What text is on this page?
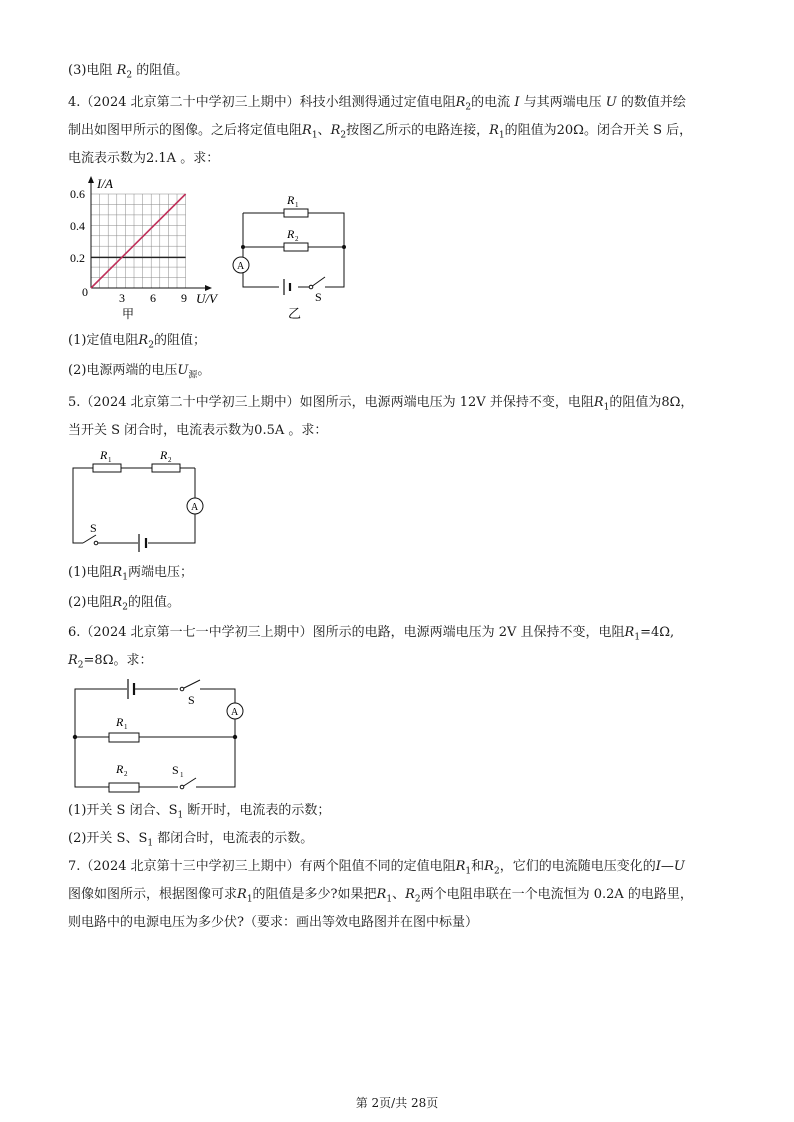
(3)电阻 $R_2$ 的阻值。
4.（2024 北京第二十中学初三上期中）科技小组测得通过定值电阻$R_2$的电流 I 与其两端电压 U 的数值并绘
制出如图甲所示的图像。之后将定值电阻$R_1$、$R_2$按图乙所示的电路连接，$R_1$的阻值为20Ω。闭合开关 S 后，
电流表示数为2.1A 。求：
I/A
U/V
0
0.6
0.4
0.2
3 6 9
甲
A
R 1
R 2
S
乙
(1)定值电阻$R_2$的阻值；
(2)电源两端的电压$U_源$。
5.（2024 北京第二十中学初三上期中）如图所示，电源两端电压为 12V 并保持不变，电阻$R_1$的阻值为8Ω，
当开关 S 闭合时，电流表示数为0.5A 。求：
A
R 1	R 2
S
(1)电阻$R_1$两端电压；
(2)电阻$R_2$的阻值。
6.（2024 北京第一七一中学初三上期中）图所示的电路，电源两端电压为 2V 且保持不变，电阻$R_1=4\Omega$,
$R_2=8\Omega$。求：
A
S
R 1
R 2	S 1
(1)开关 S 闭合、$S_1$ 断开时，电流表的示数；
(2)开关 S、$S_1$ 都闭合时，电流表的示数。
7.（2024 北京第十三中学初三上期中）有两个阻值不同的定值电阻$R_1$和$R_2$，它们的电流随电压变化的I—U
图像如图所示，根据图像可求$R_1$的阻值是多少?如果把$R_1$、$R_2$两个电阻串联在一个电流恒为 0.2A 的电路里，
则电路中的电源电压为多少伏?（要求：画出等效电路图并在图中标量）
第 2页/共 28页
